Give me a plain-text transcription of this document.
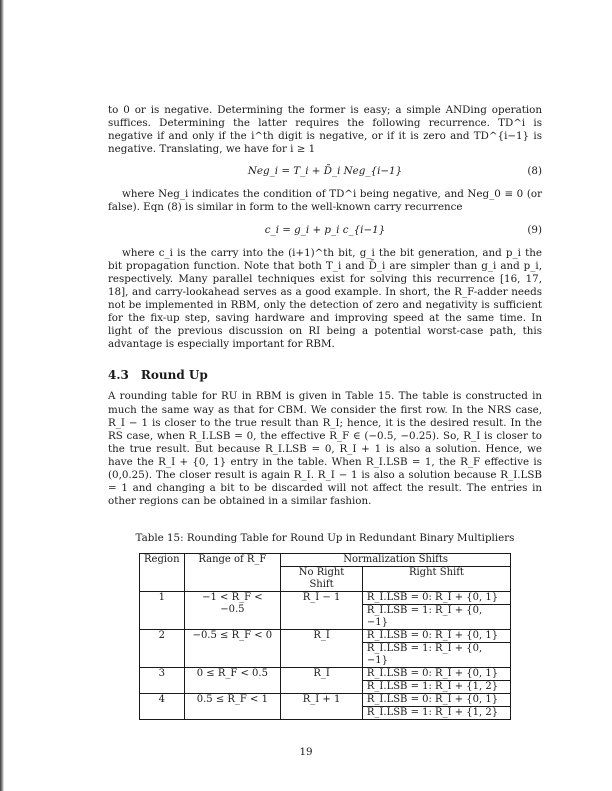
to 0 or is negative. Determining the former is easy; a simple ANDing operation suffices. Determining the latter requires the following recurrence. TD^i is negative if and only if the i^th digit is negative, or if it is zero and TD^{i−1} is negative. Translating, we have for i ≥ 1

Neg_i = T_i + D̄_i Neg_{i−1}	(8)

where Neg_i indicates the condition of TD^i being negative, and Neg_0 ≡ 0 (or false). Eqn (8) is similar in form to the well-known carry recurrence

c_i = g_i + p_i c_{i−1}	(9)

where c_i is the carry into the (i+1)^th bit, g_i the bit generation, and p_i the bit propagation function. Note that both T_i and D̄_i are simpler than g_i and p_i, respectively. Many parallel techniques exist for solving this recurrence [16, 17, 18], and carry-lookahead serves as a good example. In short, the R_F-adder needs not be implemented in RBM, only the detection of zero and negativity is sufficient for the fix-up step, saving hardware and improving speed at the same time. In light of the previous discussion on RI being a potential worst-case path, this advantage is especially important for RBM.

4.3 Round Up

A rounding table for RU in RBM is given in Table 15. The table is constructed in much the same way as that for CBM. We consider the first row. In the NRS case, R_I − 1 is closer to the true result than R_I; hence, it is the desired result. In the RS case, when R_I.LSB = 0, the effective R_F ∈ (−0.5, −0.25). So, R_I is closer to the true result. But because R_I.LSB = 0, R_I + 1 is also a solution. Hence, we have the R_I + {0, 1} entry in the table. When R_I.LSB = 1, the R_F effective is (0,0.25). The closer result is again R_I. R_I − 1 is also a solution because R_I.LSB = 1 and changing a bit to be discarded will not affect the result. The entries in other regions can be obtained in a similar fashion.

Table 15: Rounding Table for Round Up in Redundant Binary Multipliers
Region	Range of R_F	Normalization Shifts	
		No Right Shift	Right Shift
1	−1 < R_F < −0.5	R_I − 1	R_I.LSB = 0: R_I + {0, 1}
			R_I.LSB = 1: R_I + {0, −1}
2	−0.5 ≤ R_F < 0	R_I	R_I.LSB = 0: R_I + {0, 1}
			R_I.LSB = 1: R_I + {0, −1}
3	0 ≤ R_F < 0.5	R_I	R_I.LSB = 0: R_I + {0, 1}
			R_I.LSB = 1: R_I + {1, 2}
4	0.5 ≤ R_F < 1	R_I + 1	R_I.LSB = 0: R_I + {0, 1}
			R_I.LSB = 1: R_I + {1, 2}
19
